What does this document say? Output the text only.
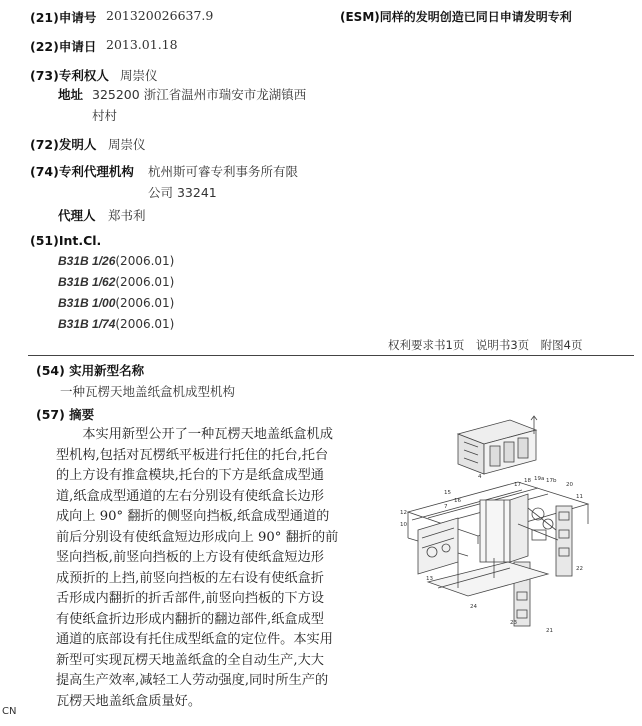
(21)申请号 201320026637.9	(ESM)同样的发明创造已同日申请发明专利
(22)申请日 2013.01.18
(73)专利权人 周崇仪
地址 325200 浙江省温州市瑞安市龙湖镇西
村村
(72)发明人 周崇仪
(74)专利代理机构 杭州斯可睿专利事务所有限
公司 33241
代理人 郑书利
(51)Int.Cl.
B31B 1/26(2006.01)
B31B 1/62(2006.01)
B31B 1/00(2006.01)
B31B 1/74(2006.01)
权利要求书1页　说明书3页　附图4页
(54) 实用新型名称
一种瓦楞天地盖纸盒机成型机构
(57) 摘要

　　本实用新型公开了一种瓦楞天地盖纸盒机成

型机构,包括对瓦楞纸平板进行托住的托台,托台

的上方设有推盒模块,托台的下方是纸盒成型通

道,纸盒成型通道的左右分别设有使纸盒长边形

成向上 90° 翻折的侧竖向挡板,纸盒成型通道的

前后分别设有使纸盒短边形成向上 90° 翻折的前

竖向挡板,前竖向挡板的上方设有使纸盒短边形

成预折的上挡,前竖向挡板的左右设有使纸盒折

舌形成内翻折的折舌部件,前竖向挡板的下方设

有使纸盒折边形成内翻折的翻边部件,纸盒成型

通道的底部设有托住成型纸盒的定位件。本实用

新型可实现瓦楞天地盖纸盒的全自动生产,大大

提高生产效率,减轻工人劳动强度,同时所生产的

瓦楞天地盖纸盒质量好。

CN
17
18 19a 17b
20
15
12
16
10
4
11
7
13
23
24
22
21
